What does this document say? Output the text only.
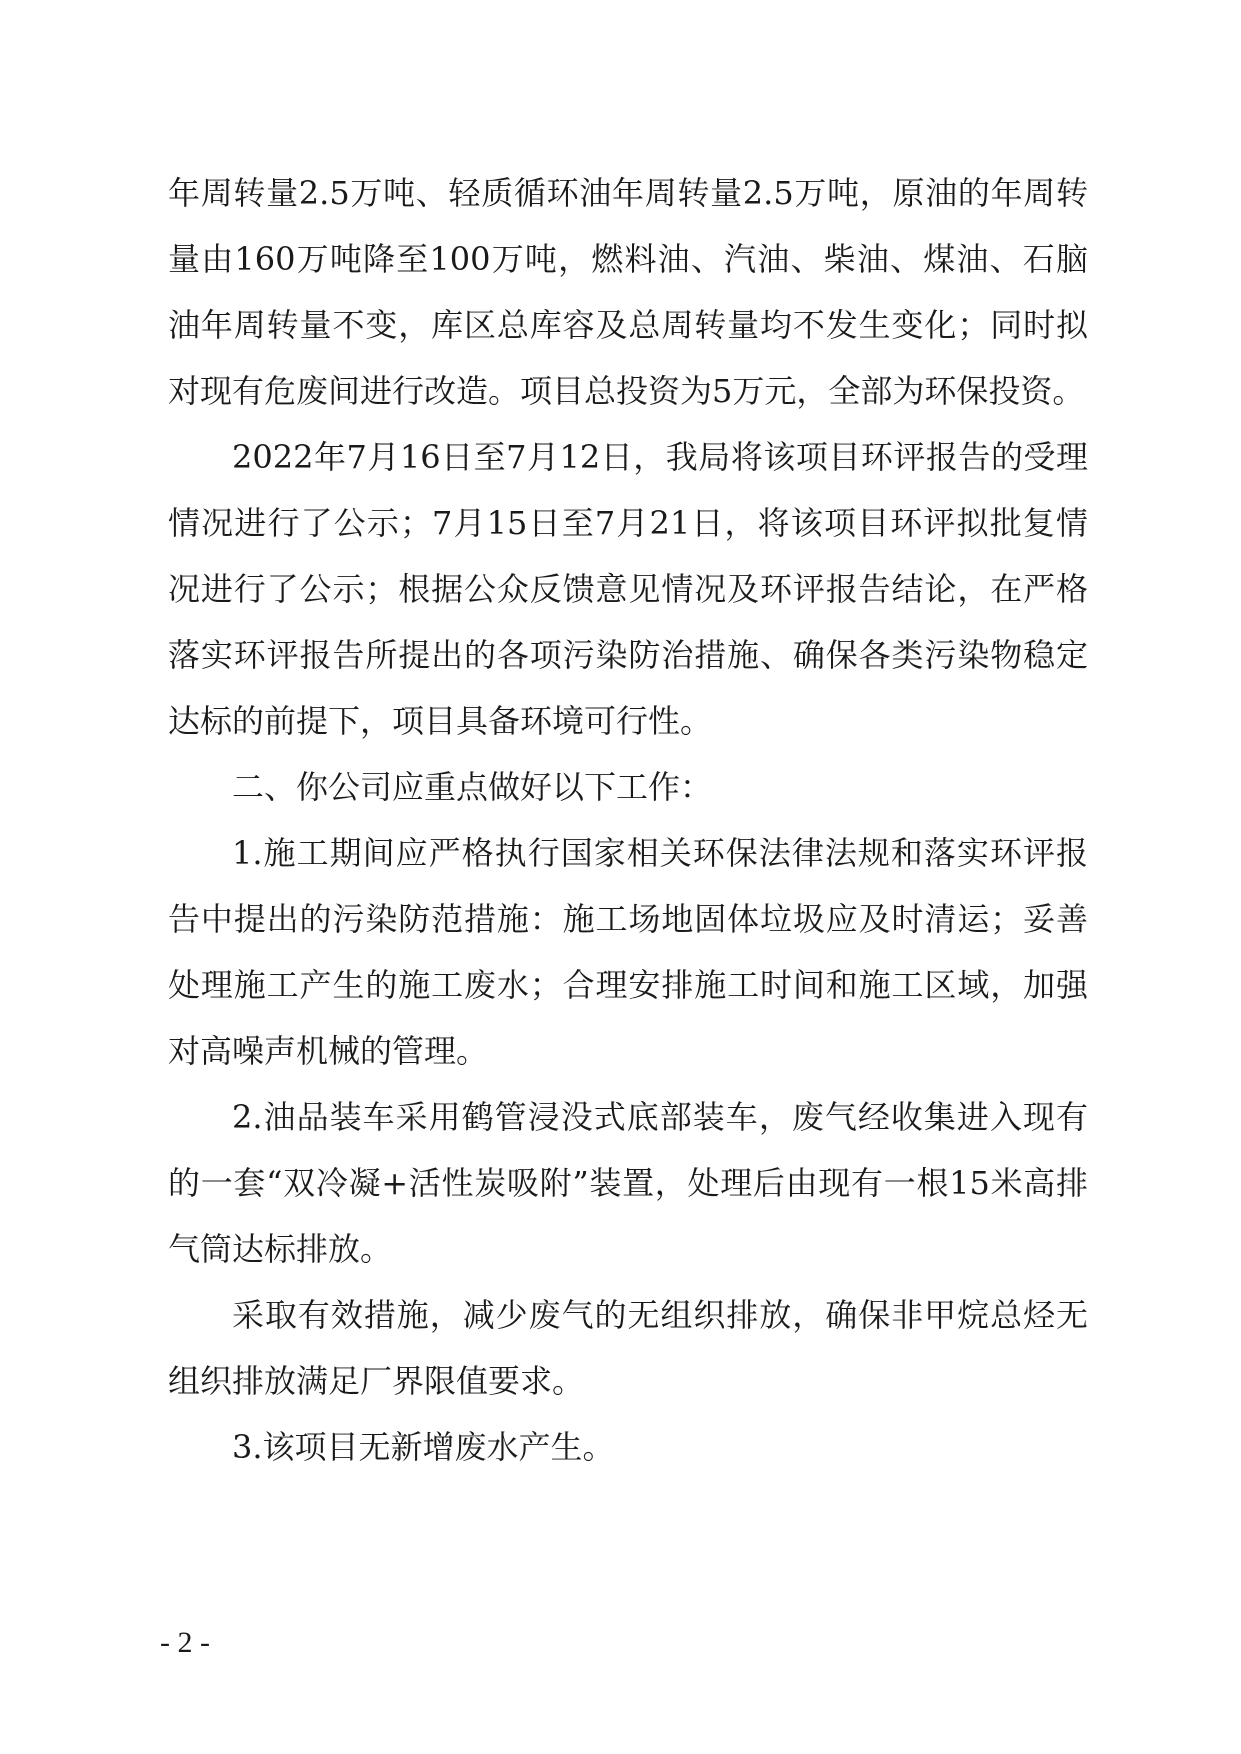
年周转量2.5万吨、轻质循环油年周转量2.5万吨，原油的年周转量由160万吨降至100万吨，燃料油、汽油、柴油、煤油、石脑油年周转量不变，库区总库容及总周转量均不发生变化；同时拟对现有危废间进行改造。项目总投资为5万元，全部为环保投资。

2022年7月16日至7月12日，我局将该项目环评报告的受理情况进行了公示；7月15日至7月21日，将该项目环评拟批复情况进行了公示；根据公众反馈意见情况及环评报告结论，在严格落实环评报告所提出的各项污染防治措施、确保各类污染物稳定达标的前提下，项目具备环境可行性。

二、你公司应重点做好以下工作：

1.施工期间应严格执行国家相关环保法律法规和落实环评报告中提出的污染防范措施：施工场地固体垃圾应及时清运；妥善处理施工产生的施工废水；合理安排施工时间和施工区域，加强对高噪声机械的管理。

2.油品装车采用鹤管浸没式底部装车，废气经收集进入现有的一套“双冷凝+活性炭吸附”装置，处理后由现有一根15米高排气筒达标排放。

采取有效措施，减少废气的无组织排放，确保非甲烷总烃无组织排放满足厂界限值要求。

3.该项目无新增废水产生。

- 2 -
